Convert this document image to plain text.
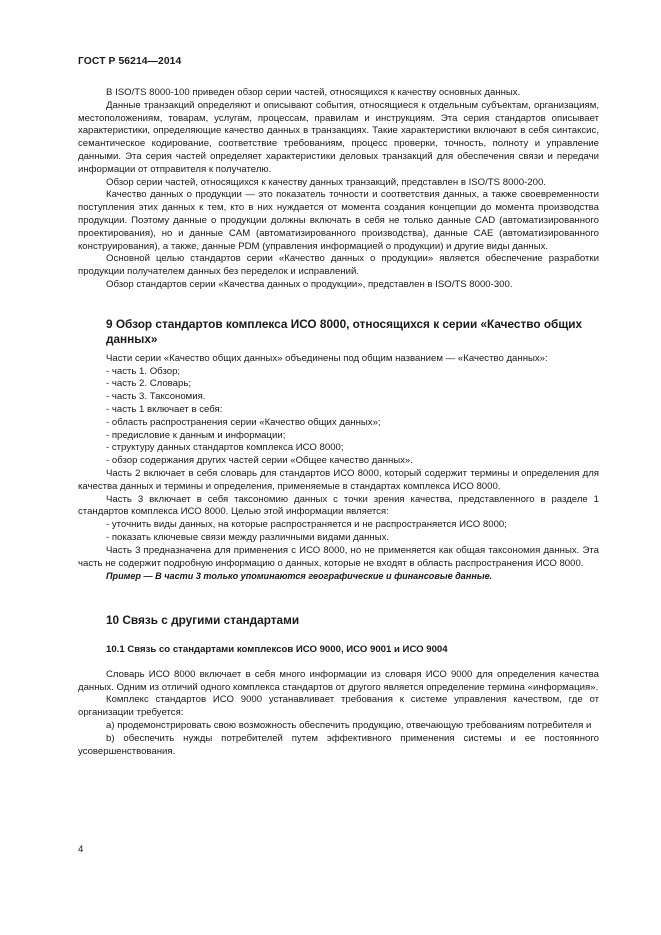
ГОСТ Р 56214—2014

В ISO/TS 8000-100 приведен обзор серии частей, относящихся к качеству основных данных.

Данные транзакций определяют и описывают события, относящиеся к отдельным субъектам, организациям, местоположениям, товарам, услугам, процессам, правилам и инструкциям. Эта серия стандартов описывает характеристики, определяющие качество данных в транзакциях. Такие характеристики включают в себя синтаксис, семантическое кодирование, соответствие требованиям, процесс проверки, точность, полноту и управление данными. Эта серия частей определяет характеристики деловых транзакций для обеспечения связи и передачи информации от отправителя к получателю.

Обзор серии частей, относящихся к качеству данных транзакций, представлен в ISO/TS 8000-200.

Качество данных о продукции — это показатель точности и соответствия данных, а также своевременности поступления этих данных к тем, кто в них нуждается от момента создания концепции до момента производства продукции. Поэтому данные о продукции должны включать в себя не только данные CAD (автоматизированного проектирования), но и данные CAM (автоматизированного производства), данные CAE (автоматизированного конструирования), а также, данные PDM (управления информацией о продукции) и другие виды данных.

Основной целью стандартов серии «Качество данных о продукции» является обеспечение разработки продукции получателем данных без переделок и исправлений.

Обзор стандартов серии «Качества данных о продукции», представлен в ISO/TS 8000-300.

9 Обзор стандартов комплекса ИСО 8000, относящихся к серии «Качество общих данных»

Части серии «Качество общих данных» объединены под общим названием — «Качество данных»:

- часть 1. Обзор;

- часть 2. Словарь;

- часть 3. Таксономия.

- часть 1 включает в себя:

- область распространения серии «Качество общих данных»;

- предисловие к данным и информации;

- структуру данных стандартов комплекса ИСО 8000;

- обзор содержания других частей серии «Общее качество данных».

Часть 2 включает в себя словарь для стандартов ИСО 8000, который содержит термины и определения для качества данных и термины и определения, применяемые в стандартах комплекса ИСО 8000.

Часть 3 включает в себя таксономию данных с точки зрения качества, представленного в разделе 1 стандартов комплекса ИСО 8000. Целью этой информации является:

- уточнить виды данных, на которые распространяется и не распространяется ИСО 8000;

- показать ключевые связи между различными видами данных.

Часть 3 предназначена для применения с ИСО 8000, но не применяется как общая таксономия данных. Эта часть не содержит подробную информацию о данных, которые не входят в область распространения ИСО 8000.

Пример — В части 3 только упоминаются географические и финансовые данные.

10 Связь с другими стандартами
10.1 Связь со стандартами комплексов ИСО 9000, ИСО 9001 и ИСО 9004

Словарь ИСО 8000 включает в себя много информации из словаря ИСО 9000 для определения качества данных. Одним из отличий одного комплекса стандартов от другого является определение термина «информация».

Комплекс стандартов ИСО 9000 устанавливает требования к системе управления качеством, где от организации требуется:

a) продемонстрировать свою возможность обеспечить продукцию, отвечающую требованиям потребителя и

b) обеспечить нужды потребителей путем эффективного применения системы и ее постоянного усовершенствования.

4
